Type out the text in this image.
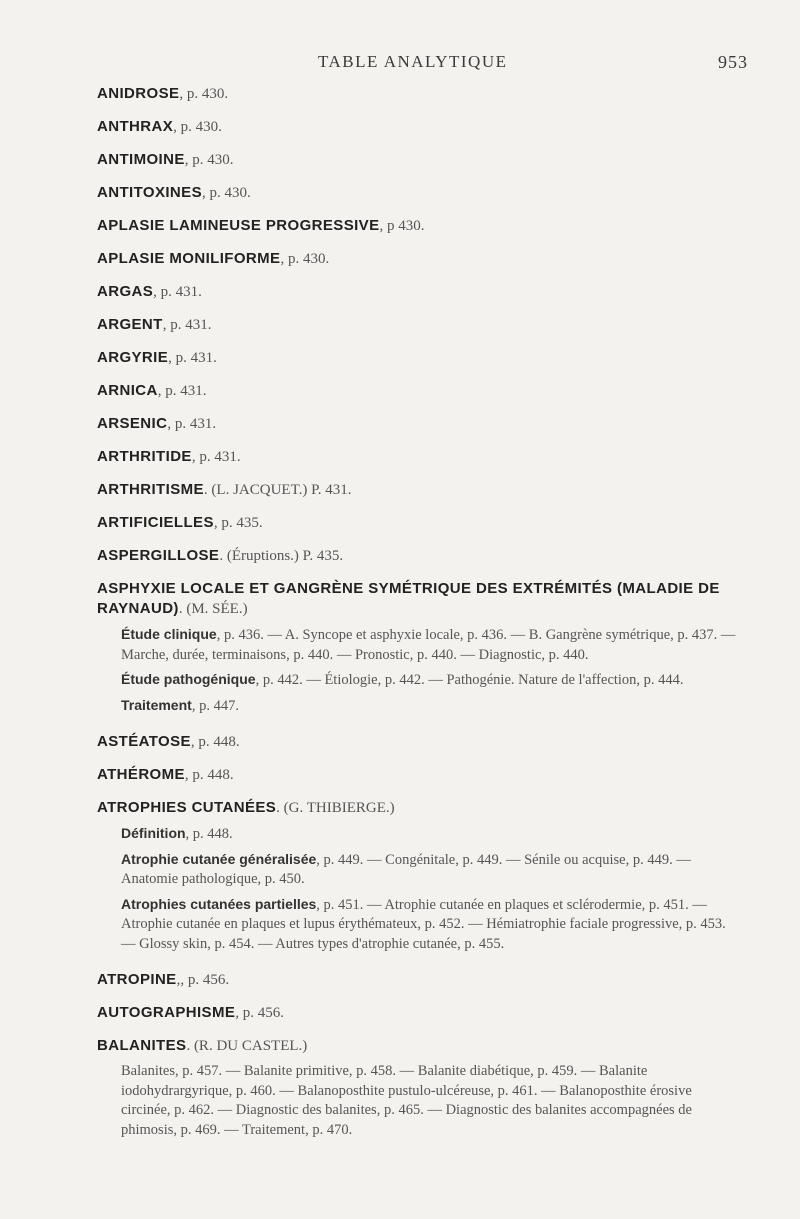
TABLE ANALYTIQUE	953
ANIDROSE, p. 430.
ANTHRAX, p. 430.
ANTIMOINE, p. 430.
ANTITOXINES, p. 430.
APLASIE LAMINEUSE PROGRESSIVE, p 430.
APLASIE MONILIFORME, p. 430.
ARGAS, p. 431.
ARGENT, p. 431.
ARGYRIE, p. 431.
ARNICA, p. 431.
ARSENIC, p. 431.
ARTHRITIDE, p. 431.
ARTHRITISME. (L. JACQUET.) P. 431.
ARTIFICIELLES, p. 435.
ASPERGILLOSE. (Éruptions.) P. 435.
ASPHYXIE LOCALE ET GANGRÈNE SYMÉTRIQUE DES EXTRÉMITÉS (MALADIE DE RAYNAUD). (M. SÉE.)
Étude clinique, p. 436. — A. Syncope et asphyxie locale, p. 436. — B. Gangrène symétrique, p. 437. — Marche, durée, terminaisons, p. 440. — Pronostic, p. 440. — Diagnostic, p. 440.
Étude pathogénique, p. 442. — Étiologie, p. 442. — Pathogénie. Nature de l'affection, p. 444.
Traitement, p. 447.
ASTÉATOSE, p. 448.
ATHÉROME, p. 448.
ATROPHIES CUTANÉES. (G. THIBIERGE.)
Définition, p. 448.
Atrophie cutanée généralisée, p. 449. — Congénitale, p. 449. — Sénile ou acquise, p. 449. — Anatomie pathologique, p. 450.
Atrophies cutanées partielles, p. 451. — Atrophie cutanée en plaques et sclérodermie, p. 451. — Atrophie cutanée en plaques et lupus érythémateux, p. 452. — Hémiatrophie faciale progressive, p. 453. — Glossy skin, p. 454. — Autres types d'atrophie cutanée, p. 455.
ATROPINE,, p. 456.
AUTOGRAPHISME, p. 456.
BALANITES. (R. DU CASTEL.)
Balanites, p. 457. — Balanite primitive, p. 458. — Balanite diabétique, p. 459. — Balanite iodohydrargyrique, p. 460. — Balanoposthite pustulo-ulcéreuse, p. 461. — Balanoposthite érosive circinée, p. 462. — Diagnostic des balanites, p. 465. — Diagnostic des balanites accompagnées de phimosis, p. 469. — Traitement, p. 470.
